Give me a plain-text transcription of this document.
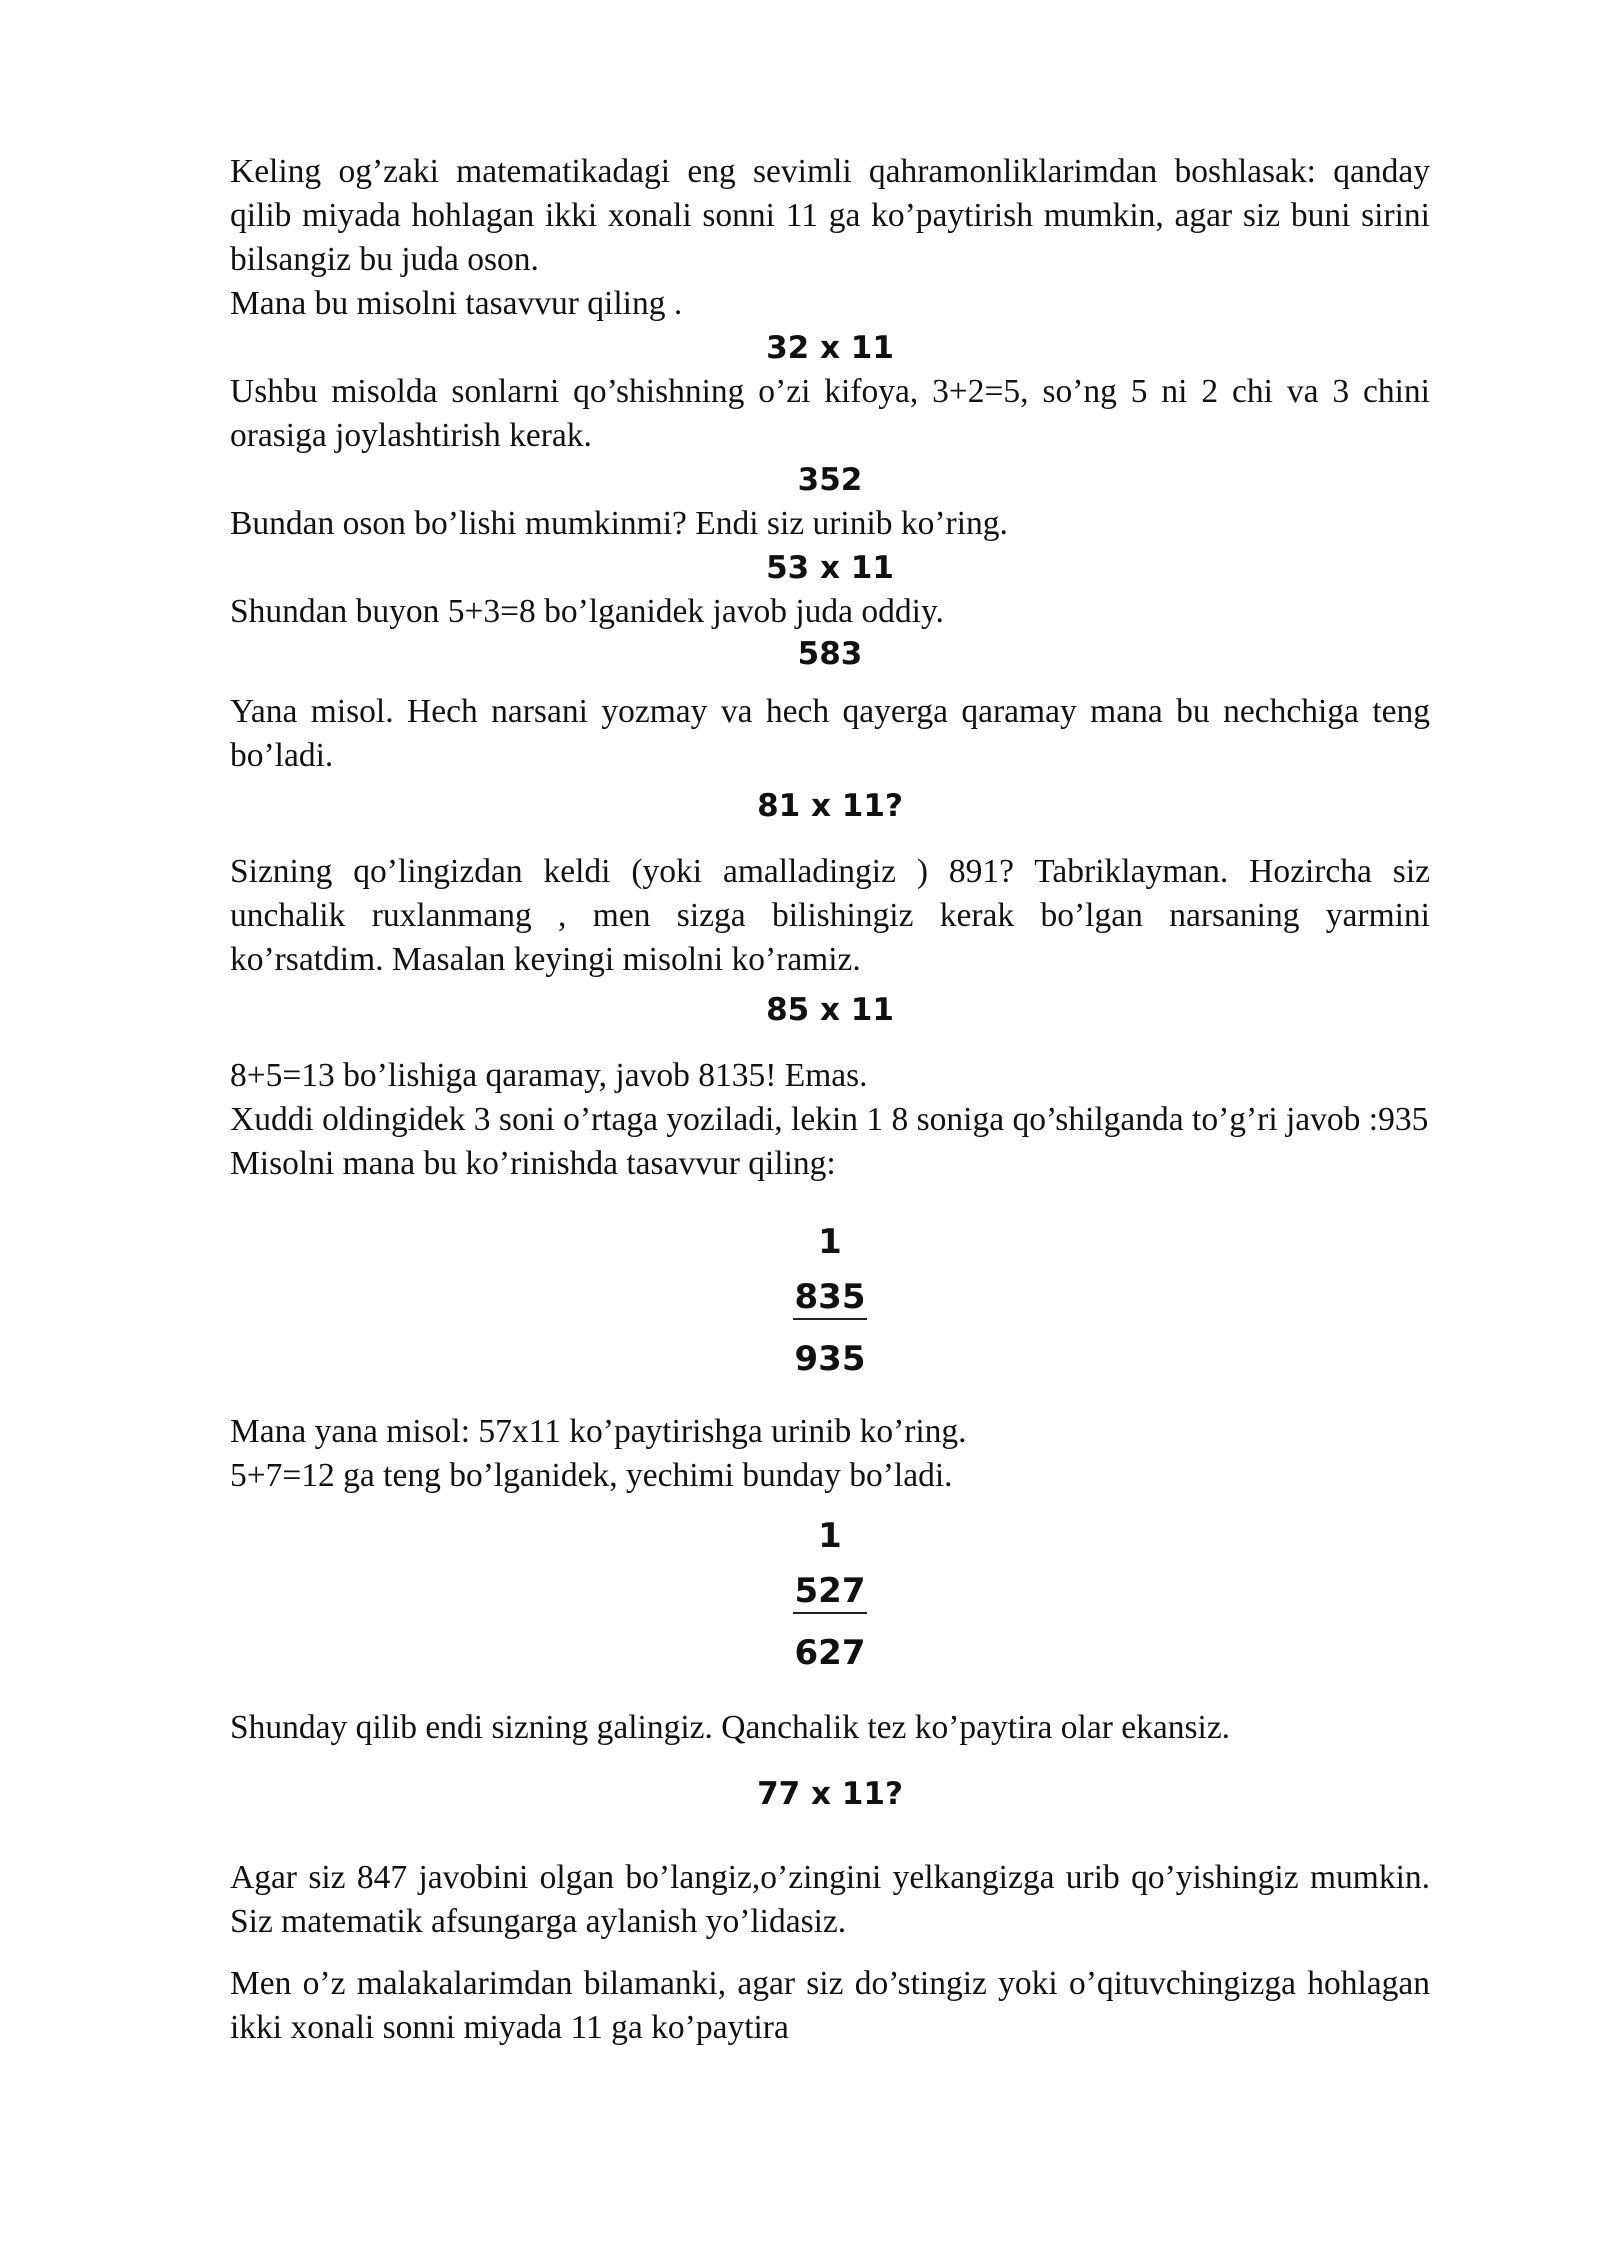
Keling og’zaki matematikadagi eng sevimli qahramonliklarimdan boshlasak: qanday qilib miyada hohlagan ikki xonali sonni 11 ga ko’paytirish mumkin, agar siz buni sirini bilsangiz bu juda oson.

Mana bu misolni tasavvur qiling .

32 x 11

Ushbu misolda sonlarni qo’shishning o’zi kifoya, 3+2=5, so’ng 5 ni 2 chi va 3 chini orasiga joylashtirish kerak.

352

Bundan oson bo’lishi mumkinmi? Endi siz urinib ko’ring.

53 x 11

Shundan buyon 5+3=8 bo’lganidek javob juda oddiy.

583

Yana misol. Hech narsani yozmay va hech qayerga qaramay mana bu nechchiga teng bo’ladi.

81 x 11?

Sizning qo’lingizdan keldi (yoki amalladingiz ) 891? Tabriklayman. Hozircha siz unchalik ruxlanmang , men sizga bilishingiz kerak bo’lgan narsaning yarmini ko’rsatdim. Masalan keyingi misolni ko’ramiz.

85 x 11

8+5=13 bo’lishiga qaramay, javob 8135! Emas.

Xuddi oldingidek 3 soni o’rtaga yoziladi, lekin 1 8 soniga qo’shilganda to’g’ri javob :935

Misolni mana bu ko’rinishda tasavvur qiling:

1
835
935

Mana yana misol: 57x11 ko’paytirishga urinib ko’ring.

5+7=12 ga teng bo’lganidek, yechimi bunday bo’ladi.

1
527
627

Shunday qilib endi sizning galingiz. Qanchalik tez ko’paytira olar ekansiz.

77 x 11?

Agar siz 847 javobini olgan bo’langiz,o’zingini yelkangizga urib qo’yishingiz mumkin. Siz matematik afsungarga aylanish yo’lidasiz.

Men o’z malakalarimdan bilamanki, agar siz do’stingiz yoki o’qituvchingizga hohlagan ikki xonali sonni miyada 11 ga ko’paytira
